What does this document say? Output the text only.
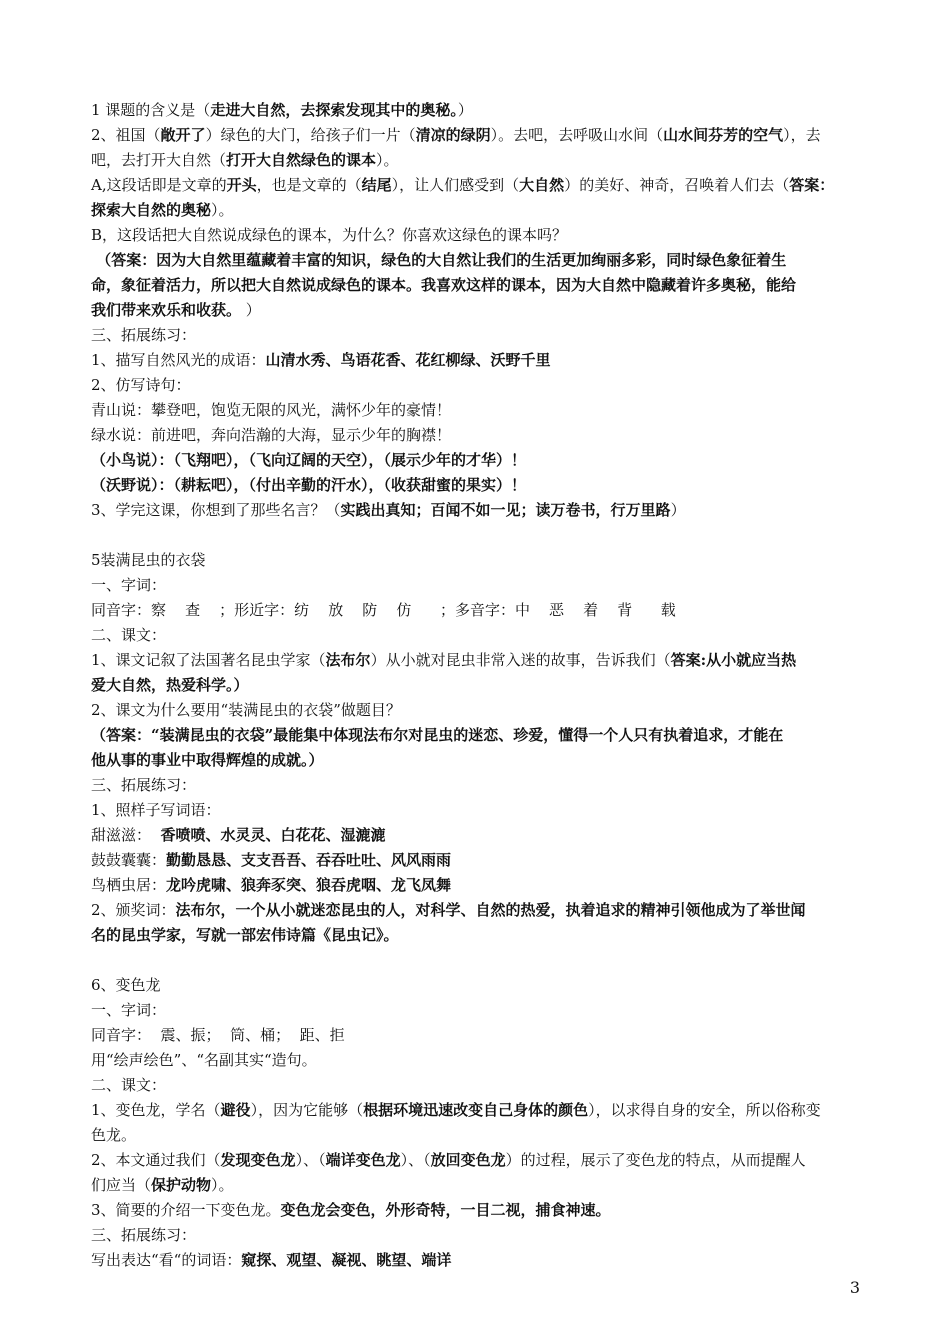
1 课题的含义是（走进大自然，去探索发现其中的奥秘。）
2、祖国（敞开了）绿色的大门，给孩子们一片（清凉的绿阴）。去吧，去呼吸山水间（山水间芬芳的空气），去
吧，去打开大自然（打开大自然绿色的课本）。
A,这段话即是文章的开头，也是文章的（结尾），让人们感受到（大自然）的美好、神奇，召唤着人们去（答案：
探索大自然的奥秘）。
B，这段话把大自然说成绿色的课本，为什么？你喜欢这绿色的课本吗？
（答案：因为大自然里蕴藏着丰富的知识，绿色的大自然让我们的生活更加绚丽多彩，同时绿色象征着生
命，象征着活力，所以把大自然说成绿色的课本。我喜欢这样的课本，因为大自然中隐藏着许多奥秘，能给
我们带来欢乐和收获。 ）
三、拓展练习：
1、描写自然风光的成语：山清水秀、鸟语花香、花红柳绿、沃野千里
2、仿写诗句：
青山说：攀登吧，饱览无限的风光，满怀少年的豪情！
绿水说：前进吧，奔向浩瀚的大海，显示少年的胸襟！
（小鸟说）：（飞翔吧），（飞向辽阔的天空），（展示少年的才华）！
（沃野说）：（耕耘吧），（付出辛勤的汗水），（收获甜蜜的果实）！
3、学完这课，你想到了那些名言？（实践出真知；百闻不如一见；读万卷书，行万里路）
5装满昆虫的衣袋
一、字词：
同音字：察    查    ；形近字：纺    放    防    仿      ；多音字：中    恶    着    背      载
二、课文：
1、课文记叙了法国著名昆虫学家（法布尔）从小就对昆虫非常入迷的故事，告诉我们（答案:从小就应当热
爱大自然，热爱科学。）
2、课文为什么要用“装满昆虫的衣袋”做题目？
（答案：“装满昆虫的衣袋”最能集中体现法布尔对昆虫的迷恋、珍爱，懂得一个人只有执着追求，才能在
他从事的事业中取得辉煌的成就。）
三、拓展练习：
1、照样子写词语：
甜滋滋：  香喷喷、水灵灵、白花花、湿漉漉
鼓鼓囊囊：勤勤恳恳、支支吾吾、吞吞吐吐、风风雨雨
鸟栖虫居：龙吟虎啸、狼奔豕突、狼吞虎咽、龙飞凤舞
2、颁奖词：法布尔，一个从小就迷恋昆虫的人，对科学、自然的热爱，执着追求的精神引领他成为了举世闻
名的昆虫学家，写就一部宏伟诗篇《昆虫记》。
6、变色龙
一、字词：
同音字：  震、振；  筒、桶；  距、拒
用“绘声绘色”、“名副其实“造句。
二、课文：
1、变色龙，学名（避役），因为它能够（根据环境迅速改变自己身体的颜色），以求得自身的安全，所以俗称变
色龙。
2、本文通过我们（发现变色龙）、（端详变色龙）、（放回变色龙）的过程，展示了变色龙的特点，从而提醒人
们应当（保护动物）。
3、简要的介绍一下变色龙。变色龙会变色，外形奇特，一目二视，捕食神速。
三、拓展练习：
写出表达“看“的词语：窥探、观望、凝视、眺望、端详
3
